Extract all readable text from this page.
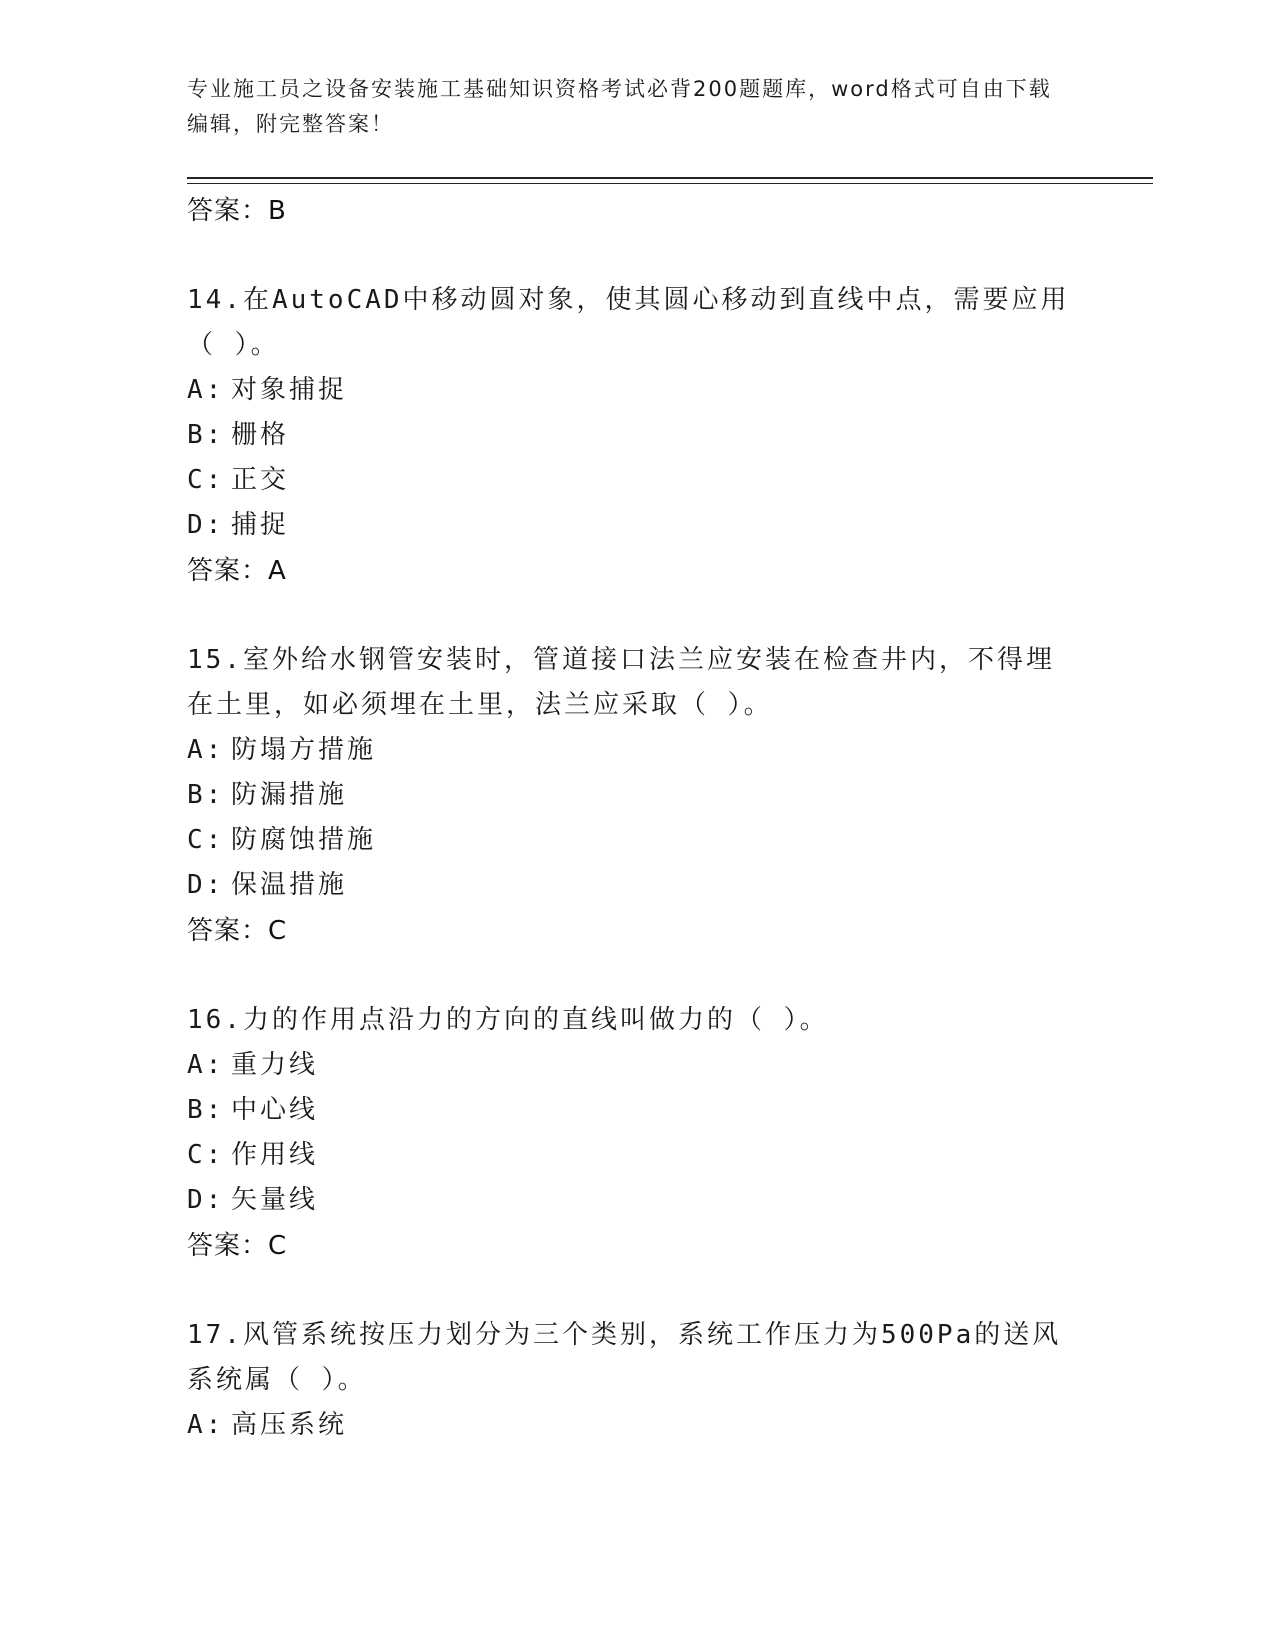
专业施工员之设备安装施工基础知识资格考试必背200题题库，word格式可自由下载编辑，附完整答案！
答案：B
14.在AutoCAD中移动圆对象，使其圆心移动到直线中点，需要应用（ ）。
A: 对象捕捉
B: 栅格
C: 正交
D: 捕捉
答案：A
15.室外给水钢管安装时，管道接口法兰应安装在检查井内，不得埋在土里，如必须埋在土里，法兰应采取（ ）。
A: 防塌方措施
B: 防漏措施
C: 防腐蚀措施
D: 保温措施
答案：C
16.力的作用点沿力的方向的直线叫做力的（ ）。
A: 重力线
B: 中心线
C: 作用线
D: 矢量线
答案：C
17.风管系统按压力划分为三个类别，系统工作压力为500Pa的送风系统属（ ）。
A: 高压系统
